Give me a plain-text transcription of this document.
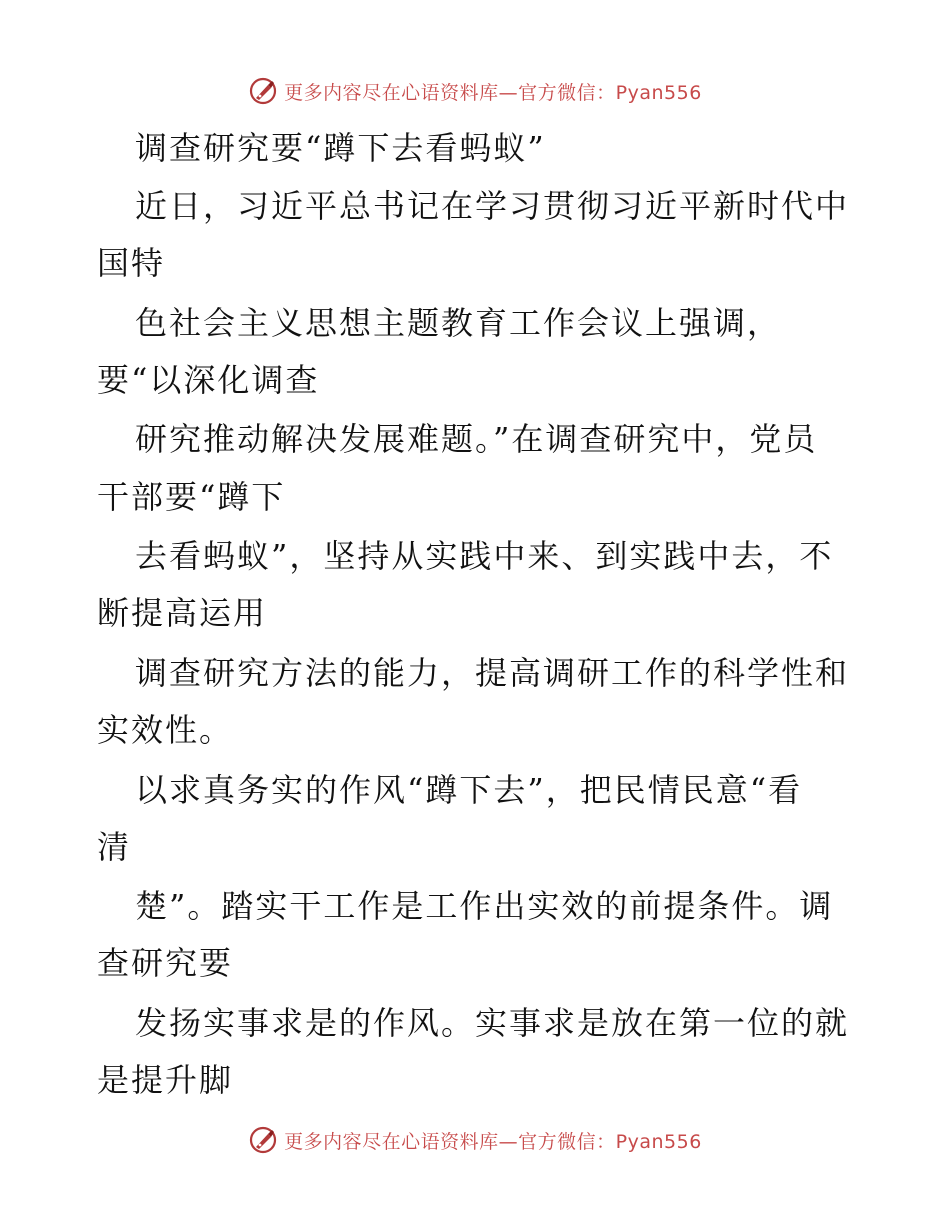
更多内容尽在心语资料库—官方微信：Pyan556
调查研究要“蹲下去看蚂蚁”
近日，习近平总书记在学习贯彻习近平新时代中
国特
色社会主义思想主题教育工作会议上强调，
要“以深化调查
研究推动解决发展难题。”在调查研究中，党员
干部要“蹲下
去看蚂蚁”，坚持从实践中来、到实践中去，不
断提高运用
调查研究方法的能力，提高调研工作的科学性和
实效性。
以求真务实的作风“蹲下去”，把民情民意“看
清
楚”。踏实干工作是工作出实效的前提条件。调
查研究要
发扬实事求是的作风。实事求是放在第一位的就
是提升脚
更多内容尽在心语资料库—官方微信：Pyan556
